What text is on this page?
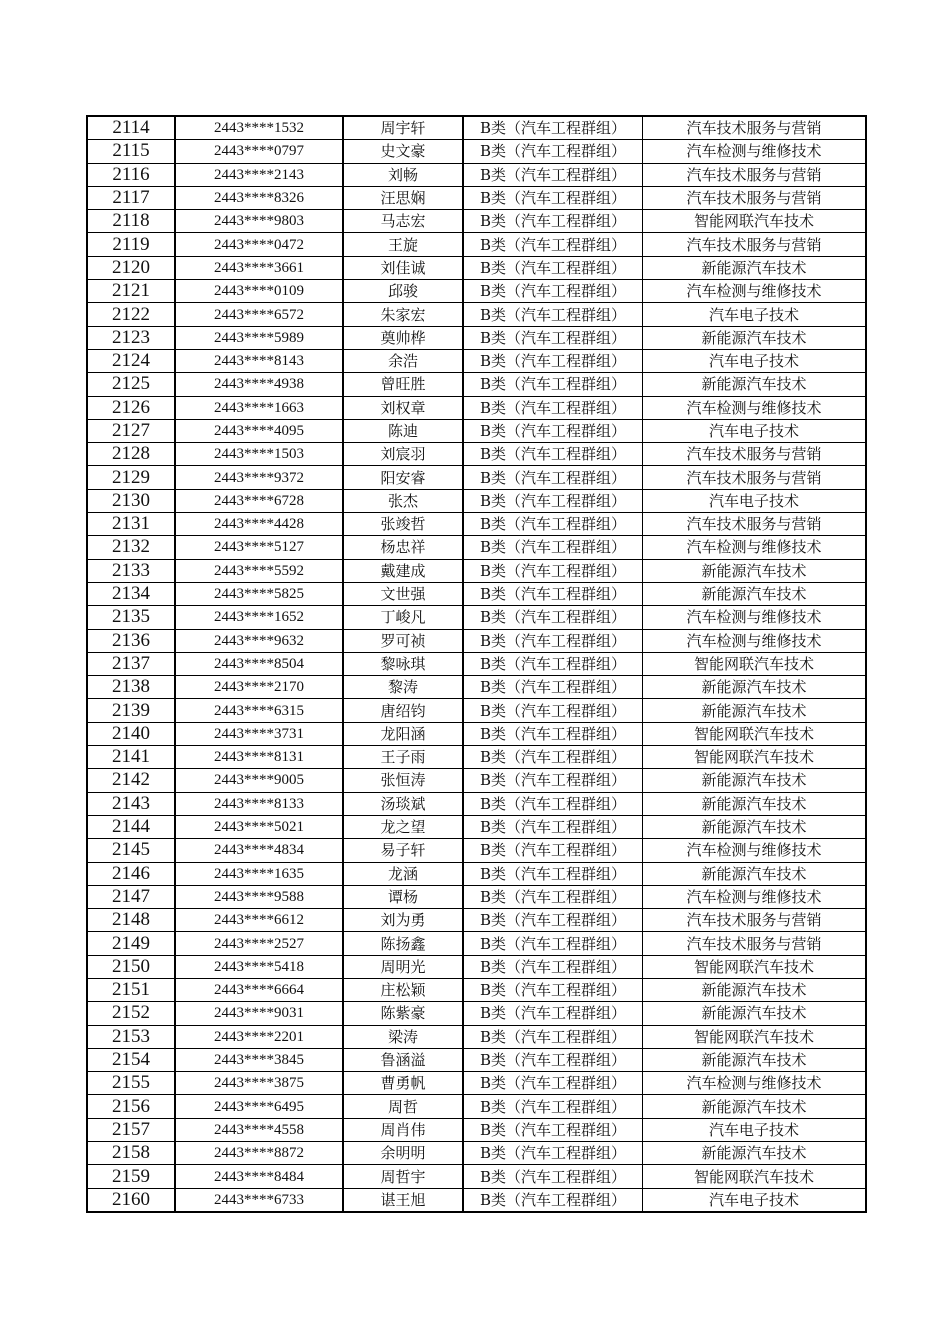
2114	2443****1532	周宇轩	B类（汽车工程群组）	汽车技术服务与营销
2115	2443****0797	史文豪	B类（汽车工程群组）	汽车检测与维修技术
2116	2443****2143	刘畅	B类（汽车工程群组）	汽车技术服务与营销
2117	2443****8326	汪思娴	B类（汽车工程群组）	汽车技术服务与营销
2118	2443****9803	马志宏	B类（汽车工程群组）	智能网联汽车技术
2119	2443****0472	王旋	B类（汽车工程群组）	汽车技术服务与营销
2120	2443****3661	刘佳诚	B类（汽车工程群组）	新能源汽车技术
2121	2443****0109	邱骏	B类（汽车工程群组）	汽车检测与维修技术
2122	2443****6572	朱家宏	B类（汽车工程群组）	汽车电子技术
2123	2443****5989	奠帅桦	B类（汽车工程群组）	新能源汽车技术
2124	2443****8143	余浩	B类（汽车工程群组）	汽车电子技术
2125	2443****4938	曾旺胜	B类（汽车工程群组）	新能源汽车技术
2126	2443****1663	刘权章	B类（汽车工程群组）	汽车检测与维修技术
2127	2443****4095	陈迪	B类（汽车工程群组）	汽车电子技术
2128	2443****1503	刘宸羽	B类（汽车工程群组）	汽车技术服务与营销
2129	2443****9372	阳安睿	B类（汽车工程群组）	汽车技术服务与营销
2130	2443****6728	张杰	B类（汽车工程群组）	汽车电子技术
2131	2443****4428	张竣哲	B类（汽车工程群组）	汽车技术服务与营销
2132	2443****5127	杨忠祥	B类（汽车工程群组）	汽车检测与维修技术
2133	2443****5592	戴建成	B类（汽车工程群组）	新能源汽车技术
2134	2443****5825	文世强	B类（汽车工程群组）	新能源汽车技术
2135	2443****1652	丁峻凡	B类（汽车工程群组）	汽车检测与维修技术
2136	2443****9632	罗可祯	B类（汽车工程群组）	汽车检测与维修技术
2137	2443****8504	黎咏琪	B类（汽车工程群组）	智能网联汽车技术
2138	2443****2170	黎涛	B类（汽车工程群组）	新能源汽车技术
2139	2443****6315	唐绍钧	B类（汽车工程群组）	新能源汽车技术
2140	2443****3731	龙阳涵	B类（汽车工程群组）	智能网联汽车技术
2141	2443****8131	王子雨	B类（汽车工程群组）	智能网联汽车技术
2142	2443****9005	张恒涛	B类（汽车工程群组）	新能源汽车技术
2143	2443****8133	汤琰斌	B类（汽车工程群组）	新能源汽车技术
2144	2443****5021	龙之望	B类（汽车工程群组）	新能源汽车技术
2145	2443****4834	易子轩	B类（汽车工程群组）	汽车检测与维修技术
2146	2443****1635	龙涵	B类（汽车工程群组）	新能源汽车技术
2147	2443****9588	谭杨	B类（汽车工程群组）	汽车检测与维修技术
2148	2443****6612	刘为勇	B类（汽车工程群组）	汽车技术服务与营销
2149	2443****2527	陈扬鑫	B类（汽车工程群组）	汽车技术服务与营销
2150	2443****5418	周明光	B类（汽车工程群组）	智能网联汽车技术
2151	2443****6664	庄松颖	B类（汽车工程群组）	新能源汽车技术
2152	2443****9031	陈紫豪	B类（汽车工程群组）	新能源汽车技术
2153	2443****2201	梁涛	B类（汽车工程群组）	智能网联汽车技术
2154	2443****3845	鲁涵溢	B类（汽车工程群组）	新能源汽车技术
2155	2443****3875	曹勇帆	B类（汽车工程群组）	汽车检测与维修技术
2156	2443****6495	周哲	B类（汽车工程群组）	新能源汽车技术
2157	2443****4558	周肖伟	B类（汽车工程群组）	汽车电子技术
2158	2443****8872	余明明	B类（汽车工程群组）	新能源汽车技术
2159	2443****8484	周哲宇	B类（汽车工程群组）	智能网联汽车技术
2160	2443****6733	谌王旭	B类（汽车工程群组）	汽车电子技术
